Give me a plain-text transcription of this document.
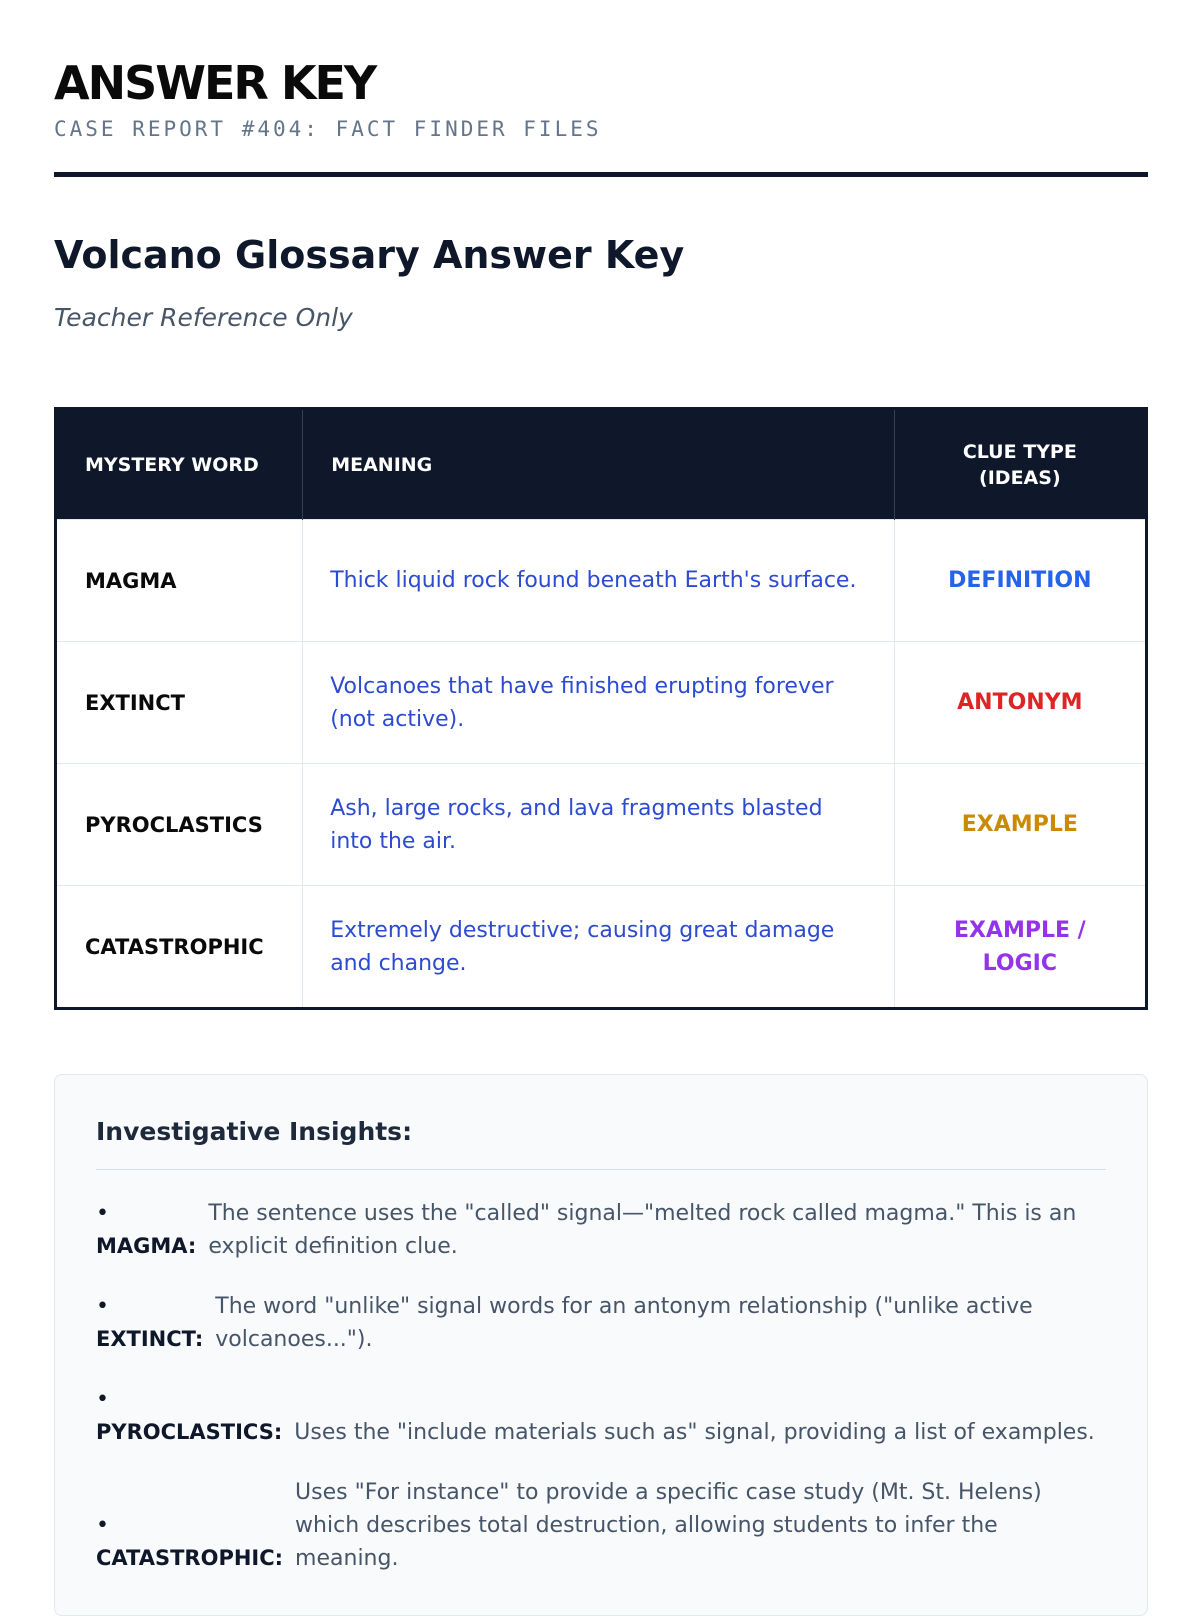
ANSWER KEY
CASE REPORT #404: FACT FINDER FILES
Volcano Glossary Answer Key
Teacher Reference Only
MYSTERY WORD	MEANING	CLUE TYPE (IDEAS)
MAGMA	Thick liquid rock found beneath Earth's surface.	DEFINITION
EXTINCT	Volcanoes that have finished erupting forever (not active).	ANTONYM
PYROCLASTICS	Ash, large rocks, and lava fragments blasted into the air.	EXAMPLE
CATASTROPHIC	Extremely destructive; causing great damage and change.	EXAMPLE / LOGIC
Investigative Insights:
•
MAGMA:
The sentence uses the "called" signal—"melted rock called magma." This is an explicit definition clue.
•
EXTINCT:
The word "unlike" signal words for an antonym relationship ("unlike active volcanoes...").
•
PYROCLASTICS: Uses the "include materials such as" signal, providing a list of examples.
•
CATASTROPHIC:
Uses "For instance" to provide a specific case study (Mt. St. Helens) which describes total destruction, allowing students to infer the meaning.
